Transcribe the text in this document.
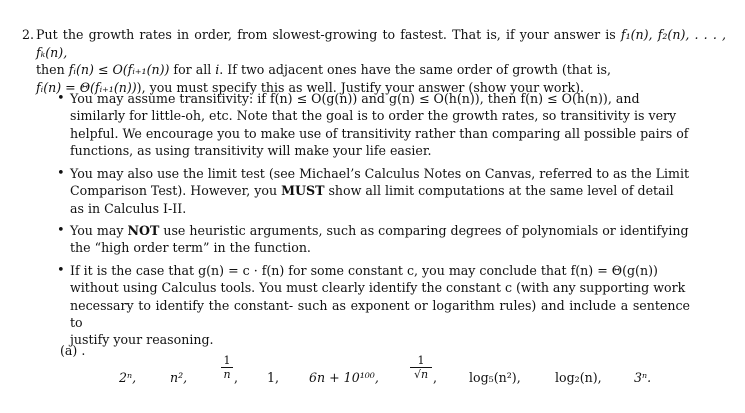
2. Put the growth rates in order, from slowest-growing to fastest. That is, if your answer is f₁(n), f₂(n), . . . , fₖ(n),
then fᵢ(n) ≤ O(fᵢ₊₁(n)) for all i. If two adjacent ones have the same order of growth (that is,
fᵢ(n) = Θ(fᵢ₊₁(n))), you must specify this as well. Justify your answer (show your work).
• You may assume transitivity: if f(n) ≤ O(g(n)) and g(n) ≤ O(h(n)), then f(n) ≤ O(h(n)), and
similarly for little-oh, etc. Note that the goal is to order the growth rates, so transitivity is very
helpful. We encourage you to make use of transitivity rather than comparing all possible pairs of
functions, as using transitivity will make your life easier.
• You may also use the limit test (see Michael’s Calculus Notes on Canvas, referred to as the Limit
Comparison Test). However, you MUST show all limit computations at the same level of detail
as in Calculus I-II.
• You may NOT use heuristic arguments, such as comparing degrees of polynomials or identifying
the “high order term” in the function.
• If it is the case that g(n) = c · f(n) for some constant c, you may conclude that f(n) = Θ(g(n))
without using Calculus tools. You must clearly identify the constant c (with any supporting work
necessary to identify the constant- such as exponent or logarithm rules) and include a sentence to
justify your reasoning.
(a) .
2ⁿ,	n²,	$\frac{1}{n}$ , 1, 6n + 10¹⁰⁰,	$\frac{1}{√n}$ ,	log₅(n²),	log₂(n),	3ⁿ.
